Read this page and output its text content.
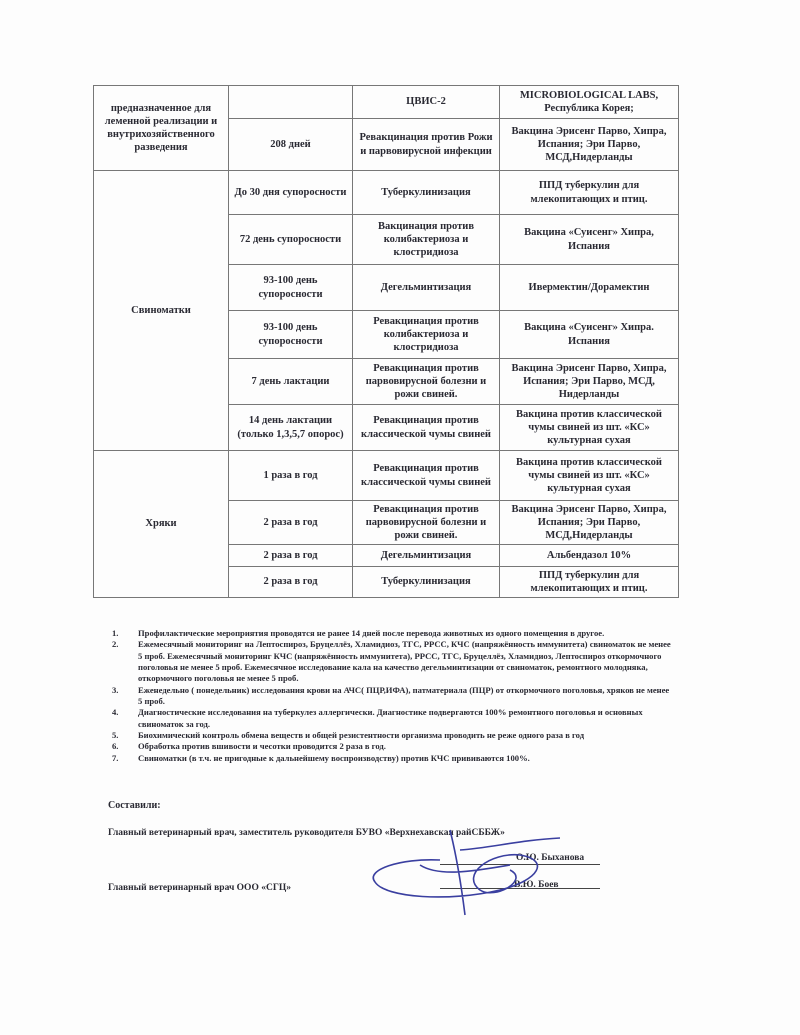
предназначенное для леменной реализации и внутрихозяйственного разведения		ЦВИС-2	MICROBIOLOGICAL LABS, Республика Корея;
	208 дней	Ревакцинация против Рожи и парвовирусной инфекции	Вакцина Эрисенг Парво, Хипра, Испания; Эри Парво, МСД,Нидерланды
Свиноматки	До 30 дня супоросности	Туберкулинизация	ППД туберкулин для млекопитающих и птиц.
	72 день супоросности	Вакцинация против колибактериоза и клостридиоза	Вакцина «Суисенг» Хипра, Испания
	93-100 день супоросности	Дегельминтизация	Ивермектин/Дорамектин
	93-100 день супоросности	Ревакцинация против колибактериоза и клостридиоза	Вакцина «Суисенг» Хипра. Испания
	7 день лактации	Ревакцинация против парвовирусной болезни и рожи свиней.	Вакцина Эрисенг Парво, Хипра, Испания; Эри Парво, МСД, Нидерланды
	14 день лактации (только 1,3,5,7 опорос)	Ревакцинация против классической чумы свиней	Вакцина против классической чумы свиней из шт. «КС» культурная сухая
Хряки	1 раза в год	Ревакцинация против классической чумы свиней	Вакцина против классической чумы свиней из шт. «КС» культурная сухая
	2 раза в год	Ревакцинация против парвовирусной болезни и рожи свиней.	Вакцина Эрисенг Парво, Хипра, Испания; Эри Парво, МСД,Нидерланды
	2 раза в год	Дегельминтизация	Альбендазол 10%
	2 раза в год	Туберкулинизация	ППД туберкулин для млекопитающих и птиц.
1.	Профилактические мероприятия проводятся не ранее 14 дней после перевода животных из одного помещения в другое.
2.	Ежемесячный мониторинг на Лептоспироз, Бруцеллёз, Хламидиоз, ТГС, РРСС, КЧС (напряжённость иммунитета) свиноматок не менее 5 проб. Ежемесячный мониторинг КЧС (напряжённость иммунитета), РРСС, ТГС, Бруцеллёз, Хламидиоз, Лептоспироз откормочного поголовья не менее 5 проб. Ежемесячное исследование кала на качество дегельминтизации от свиноматок, ремонтного молодняка, откормочного поголовья не менее 5 проб.
3.	Еженедельно ( понедельник) исследования крови на АЧС( ПЦР,ИФА), патматериала (ПЦР) от откормочного поголовья, хряков не менее 5 проб.
4.	Диагностические исследования на туберкулез аллергически. Диагностике подвергаются 100% ремонтного поголовья и основных свиноматок за год.
5.	Биохимический контроль обмена веществ и общей резистентности организма проводить не реже одного раза в год
6.	Обработка против вшивости и чесотки проводится 2 раза в год.
7.	Свиноматки (в т.ч. не пригодные к дальнейшему воспроизводству) против КЧС прививаются 100%.
Составили:
Главный ветеринарный врач, заместитель руководителя БУВО «Верхнехавская райСББЖ»
О.Ю. Быханова
Главный ветеринарный врач ООО «СГЦ»	В.Ю. Боев
